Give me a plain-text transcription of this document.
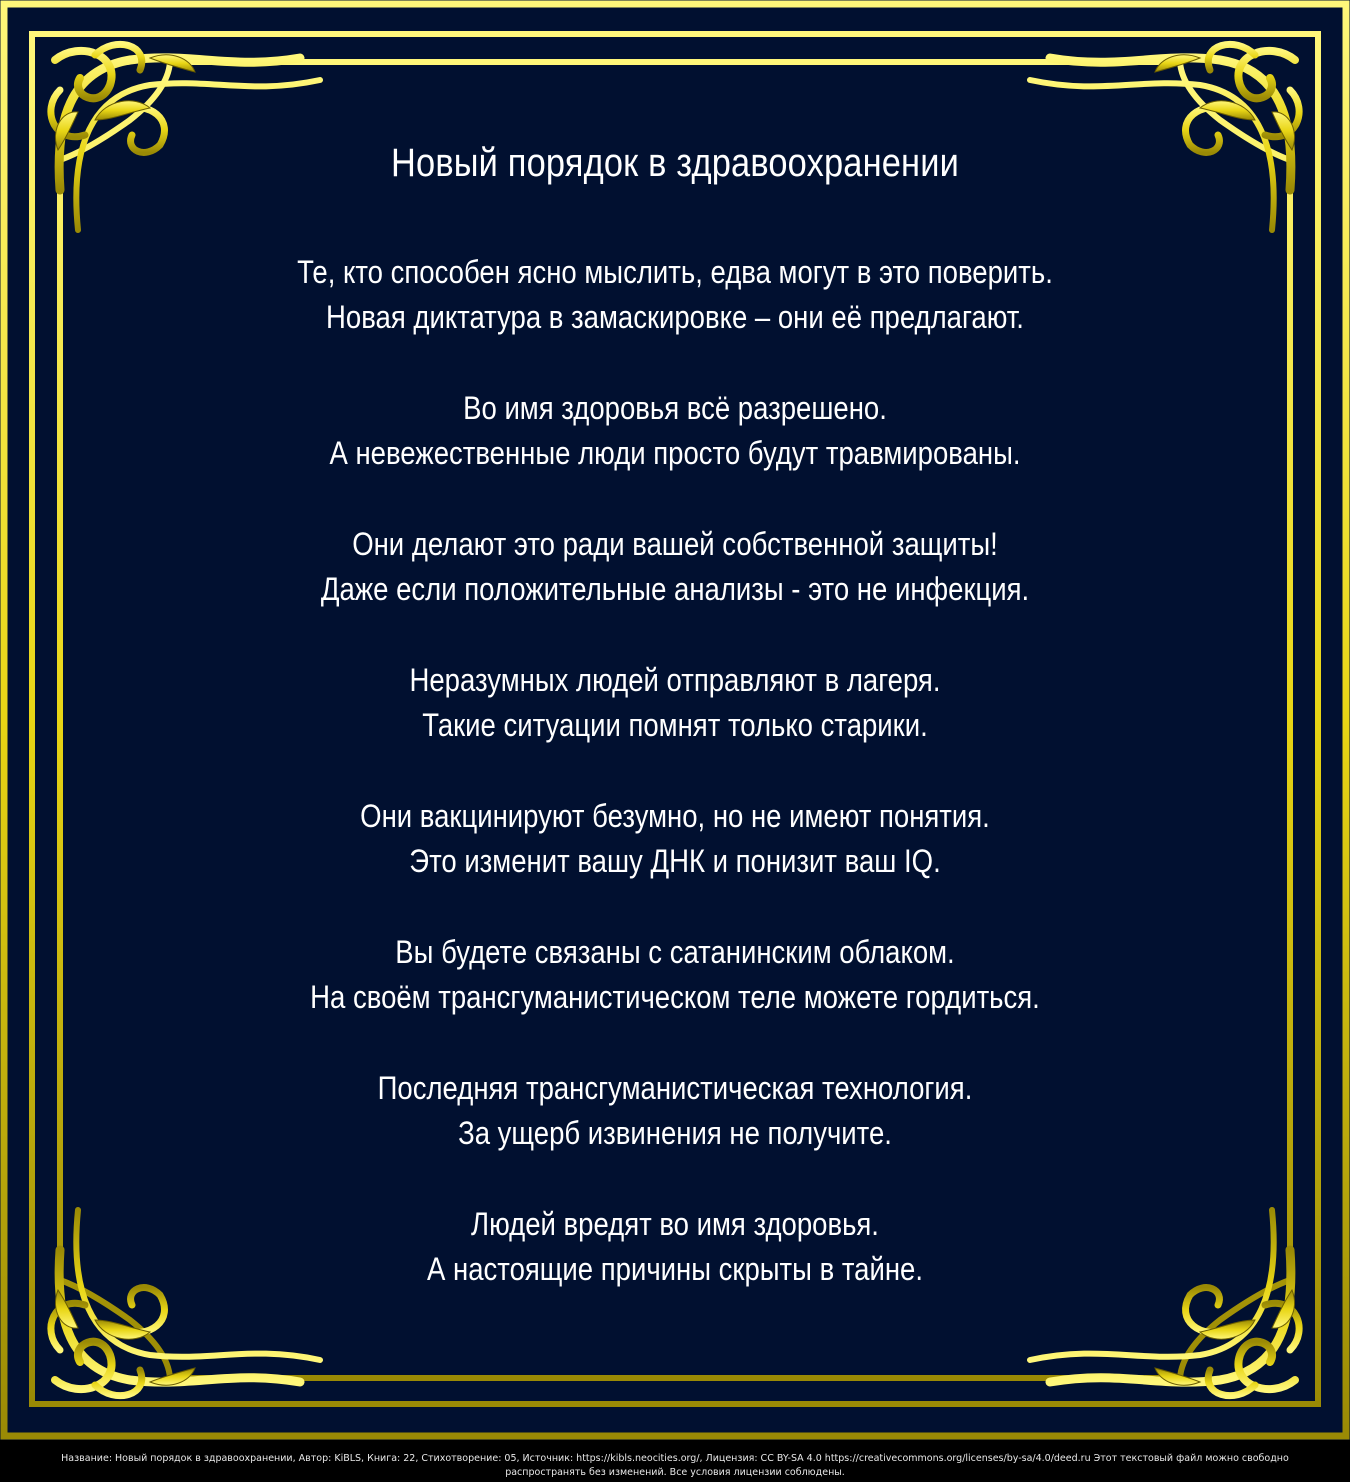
Новый порядок в здравоохранении
Те, кто способен ясно мыслить, едва могут в это поверить.
Новая диктатура в замаскировке – они её предлагают.
Во имя здоровья всё разрешено.
А невежественные люди просто будут травмированы.
Они делают это ради вашей собственной защиты!
Даже если положительные анализы - это не инфекция.
Неразумных людей отправляют в лагеря.
Такие ситуации помнят только старики.
Они вакцинируют безумно, но не имеют понятия.
Это изменит вашу ДНК и понизит ваш IQ.
Вы будете связаны с сатанинским облаком.
На своём трансгуманистическом теле можете гордиться.
Последняя трансгуманистическая технология.
За ущерб извинения не получите.
Людей вредят во имя здоровья.
А настоящие причины скрыты в тайне.
Название: Новый порядок в здравоохранении, Автор: KiBLS, Книга: 22, Стихотворение: 05, Источник: https://kibls.neocities.org/, Лицензия: CC BY-SA 4.0 https://creativecommons.org/licenses/by-sa/4.0/deed.ru Этот текстовый файл можно свободно распространять без изменений. Все условия лицензии соблюдены.
